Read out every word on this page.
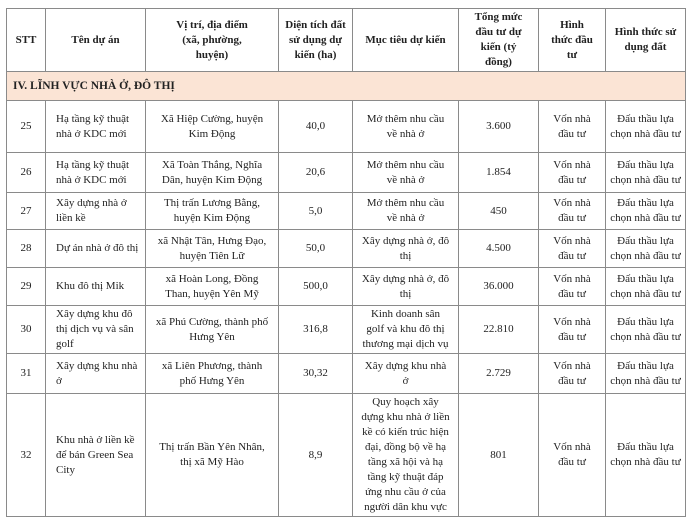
STT	Tên dự án	Vị trí, địa điểm (xã, phường, huyện)	Diện tích đất sử dụng dự kiến (ha)	Mục tiêu dự kiến	Tổng mức đầu tư dự kiến (tỷ đồng)	Hình thức đầu tư	Hình thức sử dụng đất
IV. LĨNH VỰC NHÀ Ở, ĐÔ THỊ							
25	Hạ tầng kỹ thuật nhà ở KDC mới	Xã Hiệp Cường, huyện Kim Động	40,0	Mở thêm nhu cầu về nhà ở	3.600	Vốn nhà đầu tư	Đấu thầu lựa chọn nhà đầu tư
26	Hạ tầng kỹ thuật nhà ở KDC mới	Xã Toàn Thắng, Nghĩa Dân, huyện Kim Động	20,6	Mở thêm nhu cầu về nhà ở	1.854	Vốn nhà đầu tư	Đấu thầu lựa chọn nhà đầu tư
27	Xây dựng nhà ở liền kề	Thị trấn Lương Bằng, huyện Kim Động	5,0	Mở thêm nhu cầu về nhà ở	450	Vốn nhà đầu tư	Đấu thầu lựa chọn nhà đầu tư
28	Dự án nhà ở đô thị	xã Nhật Tân, Hưng Đạo, huyện Tiên Lữ	50,0	Xây dựng nhà ở, đô thị	4.500	Vốn nhà đầu tư	Đấu thầu lựa chọn nhà đầu tư
29	Khu đô thị Mik	xã Hoàn Long, Đồng Than, huyện Yên Mỹ	500,0	Xây dựng nhà ở, đô thị	36.000	Vốn nhà đầu tư	Đấu thầu lựa chọn nhà đầu tư
30	Xây dựng khu đô thị dịch vụ và sân golf	xã Phú Cường, thành phố Hưng Yên	316,8	Kinh doanh sân golf và khu đô thị thương mại dịch vụ	22.810	Vốn nhà đầu tư	Đấu thầu lựa chọn nhà đầu tư
31	Xây dựng khu nhà ở	xã Liên Phương, thành phố Hưng Yên	30,32	Xây dựng khu nhà ở	2.729	Vốn nhà đầu tư	Đấu thầu lựa chọn nhà đầu tư
32	Khu nhà ở liền kề để bán Green Sea City	Thị trấn Bần Yên Nhân, thị xã Mỹ Hào	8,9	Quy hoạch xây dựng khu nhà ở liền kề có kiến trúc hiện đại, đồng bộ về hạ tầng xã hội và hạ tầng kỹ thuật đáp ứng nhu cầu ở của người dân khu vực	801	Vốn nhà đầu tư	Đấu thầu lựa chọn nhà đầu tư
